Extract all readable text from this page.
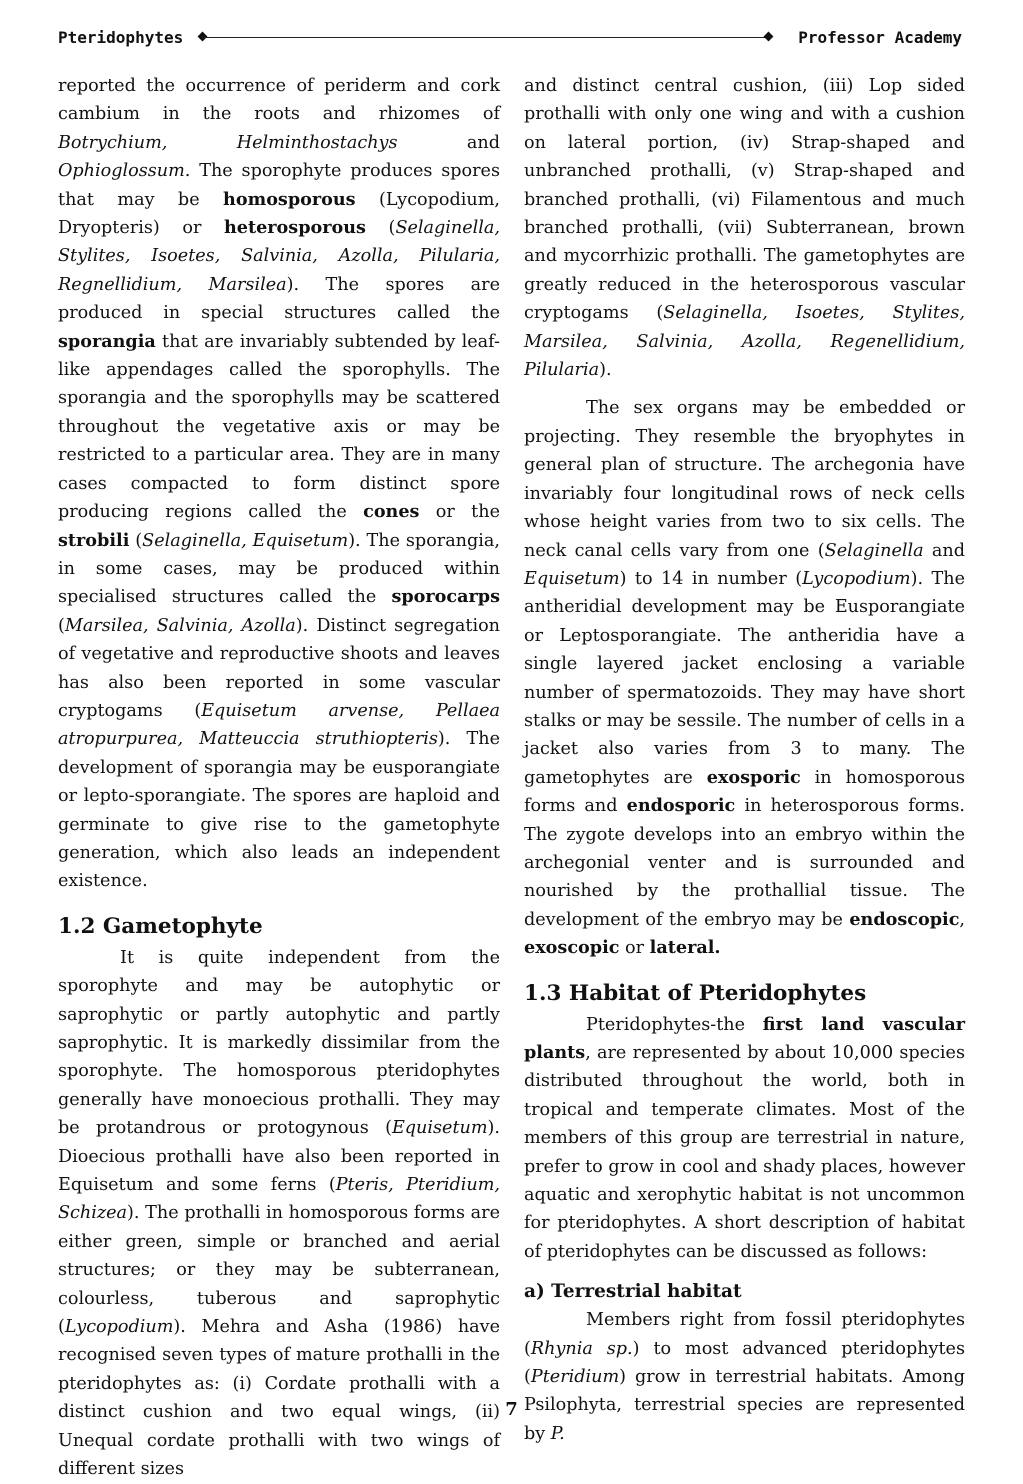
Pteridophytes	Professor Academy

reported the occurrence of periderm and cork cambium in the roots and rhizomes of Botrychium, Helminthostachys and Ophioglossum. The sporophyte produces spores that may be homosporous (Lycopodium, Dryopteris) or heterosporous (Selaginella, Stylites, Isoetes, Salvinia, Azolla, Pilularia, Regnellidium, Marsilea). The spores are produced in special structures called the sporangia that are invariably subtended by leaf-like appendages called the sporophylls. The sporangia and the sporophylls may be scattered throughout the vegetative axis or may be restricted to a particular area. They are in many cases compacted to form distinct spore producing regions called the cones or the strobili (Selaginella, Equisetum). The sporangia, in some cases, may be produced within specialised structures called the sporocarps (Marsilea, Salvinia, Azolla). Distinct segregation of vegetative and reproductive shoots and leaves has also been reported in some vascular cryptogams (Equisetum arvense, Pellaea atropurpurea, Matteuccia struthiopteris). The development of sporangia may be eusporangiate or lepto-sporangiate. The spores are haploid and germinate to give rise to the gametophyte generation, which also leads an independent existence.

1.2 Gametophyte

It is quite independent from the sporophyte and may be autophytic or saprophytic or partly autophytic and partly saprophytic. It is markedly dissimilar from the sporophyte. The homosporous pteridophytes generally have monoecious prothalli. They may be protandrous or protogynous (Equisetum). Dioecious prothalli have also been reported in Equisetum and some ferns (Pteris, Pteridium, Schizea). The prothalli in homosporous forms are either green, simple or branched and aerial structures; or they may be subterranean, colourless, tuberous and saprophytic (Lycopodium). Mehra and Asha (1986) have recognised seven types of mature prothalli in the pteridophytes as: (i) Cordate prothalli with a distinct cushion and two equal wings, (ii) Unequal cordate prothalli with two wings of different sizes

and distinct central cushion, (iii) Lop sided prothalli with only one wing and with a cushion on lateral portion, (iv) Strap-shaped and unbranched prothalli, (v) Strap-shaped and branched prothalli, (vi) Filamentous and much branched prothalli, (vii) Subterranean, brown and mycorrhizic prothalli. The gametophytes are greatly reduced in the heterosporous vascular cryptogams (Selaginella, Isoetes, Stylites, Marsilea, Salvinia, Azolla, Regenellidium, Pilularia).

The sex organs may be embedded or projecting. They resemble the bryophytes in general plan of structure. The archegonia have invariably four longitudinal rows of neck cells whose height varies from two to six cells. The neck canal cells vary from one (Selaginella and Equisetum) to 14 in number (Lycopodium). The antheridial development may be Eusporangiate or Leptosporangiate. The antheridia have a single layered jacket enclosing a variable number of spermatozoids. They may have short stalks or may be sessile. The number of cells in a jacket also varies from 3 to many. The gametophytes are exosporic in homosporous forms and endosporic in heterosporous forms. The zygote develops into an embryo within the archegonial venter and is surrounded and nourished by the prothallial tissue. The development of the embryo may be endoscopic, exoscopic or lateral.

1.3 Habitat of Pteridophytes

Pteridophytes-the first land vascular plants, are represented by about 10,000 species distributed throughout the world, both in tropical and temperate climates. Most of the members of this group are terrestrial in nature, prefer to grow in cool and shady places, however aquatic and xerophytic habitat is not uncommon for pteridophytes. A short description of habitat of pteridophytes can be discussed as follows:

a) Terrestrial habitat

Members right from fossil pteridophytes (Rhynia sp.) to most advanced pteridophytes (Pteridium) grow in terrestrial habitats. Among Psilophyta, terrestrial species are represented by P.

7
